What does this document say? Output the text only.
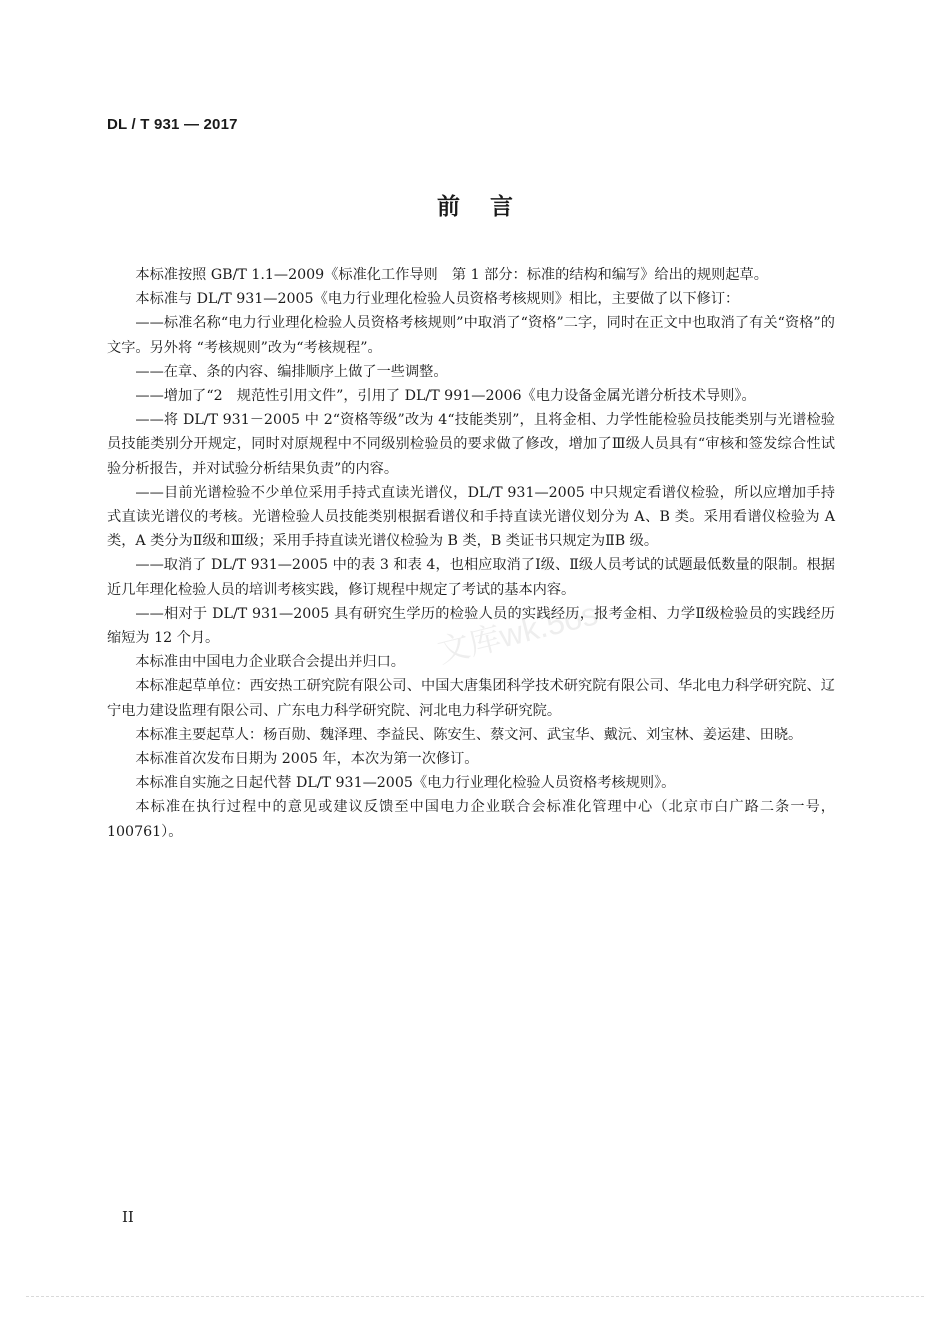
DL / T 931 — 2017
前言

本标准按照 GB/T 1.1—2009《标准化工作导则　第 1 部分：标准的结构和编写》给出的规则起草。

本标准与 DL/T 931—2005《电力行业理化检验人员资格考核规则》相比，主要做了以下修订：

——标准名称“电力行业理化检验人员资格考核规则”中取消了“资格”二字，同时在正文中也取消了有关“资格”的文字。另外将 “考核规则”改为“考核规程”。

——在章、条的内容、编排顺序上做了一些调整。

——增加了“2　规范性引用文件”，引用了 DL/T 991—2006《电力设备金属光谱分析技术导则》。

——将 DL/T 931－2005 中 2“资格等级”改为 4“技能类别”，且将金相、力学性能检验员技能类别与光谱检验员技能类别分开规定，同时对原规程中不同级别检验员的要求做了修改，增加了Ⅲ级人员具有“审核和签发综合性试验分析报告，并对试验分析结果负责”的内容。

——目前光谱检验不少单位采用手持式直读光谱仪，DL/T 931—2005 中只规定看谱仪检验，所以应增加手持式直读光谱仪的考核。光谱检验人员技能类别根据看谱仪和手持直读光谱仪划分为 A、B 类。采用看谱仪检验为 A 类，A 类分为Ⅱ级和Ⅲ级；采用手持直读光谱仪检验为 B 类，B 类证书只规定为ⅡB 级。

——取消了 DL/T 931—2005 中的表 3 和表 4，也相应取消了Ⅰ级、Ⅱ级人员考试的试题最低数量的限制。根据近几年理化检验人员的培训考核实践，修订规程中规定了考试的基本内容。

——相对于 DL/T 931—2005 具有研究生学历的检验人员的实践经历，报考金相、力学Ⅱ级检验员的实践经历缩短为 12 个月。

本标准由中国电力企业联合会提出并归口。

本标准起草单位：西安热工研究院有限公司、中国大唐集团科学技术研究院有限公司、华北电力科学研究院、辽宁电力建设监理有限公司、广东电力科学研究院、河北电力科学研究院。

本标准主要起草人：杨百勋、魏泽理、李益民、陈安生、蔡文河、武宝华、戴沅、刘宝林、姜运建、田晓。

本标准首次发布日期为 2005 年，本次为第一次修订。

本标准自实施之日起代替 DL/T 931—2005《电力行业理化检验人员资格考核规则》。

本标准在执行过程中的意见或建议反馈至中国电力企业联合会标准化管理中心（北京市白广路二条一号，100761）。

文库wk.5os
II
